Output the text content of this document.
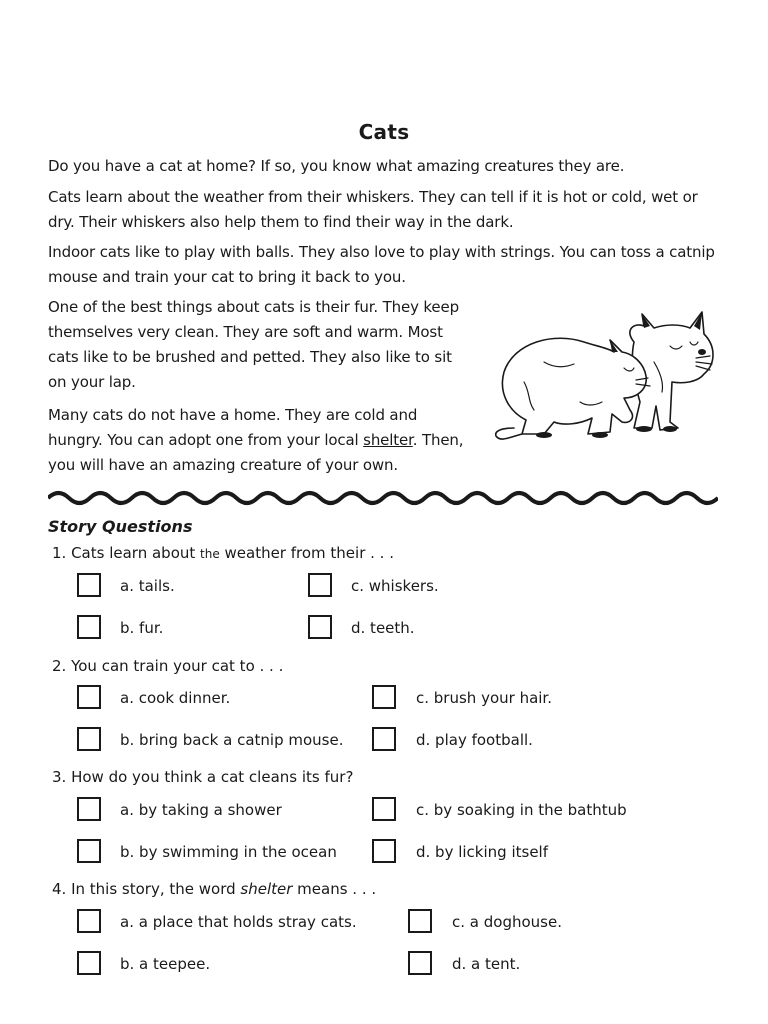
Cats

Do you have a cat at home? If so, you know what amazing creatures they are.

Cats learn about the weather from their whiskers. They can tell if it is hot or cold, wet or dry. Their whiskers also help them to find their way in the dark.

Indoor cats like to play with balls. They also love to play with strings. You can toss a catnip mouse and train your cat to bring it back to you.

One of the best things about cats is their fur. They keep themselves very clean. They are soft and warm. Most cats like to be brushed and petted. They also like to sit on your lap.

Many cats do not have a home. They are cold and hungry. You can adopt one from your local shelter. Then, you will have an amazing creature of your own.

Story Questions
1. Cats learn about the weather from their . . .
a. tails.	c. whiskers.
b. fur.	d. teeth.
2. You can train your cat to . . .
a. cook dinner.	c. brush your hair.
b. bring back a catnip mouse.	d. play football.
3. How do you think a cat cleans its fur?
a. by taking a shower	c. by soaking in the bathtub
b. by swimming in the ocean	d. by licking itself
4. In this story, the word shelter means . . .
a. a place that holds stray cats.	c. a doghouse.
b. a teepee.	d. a tent.
